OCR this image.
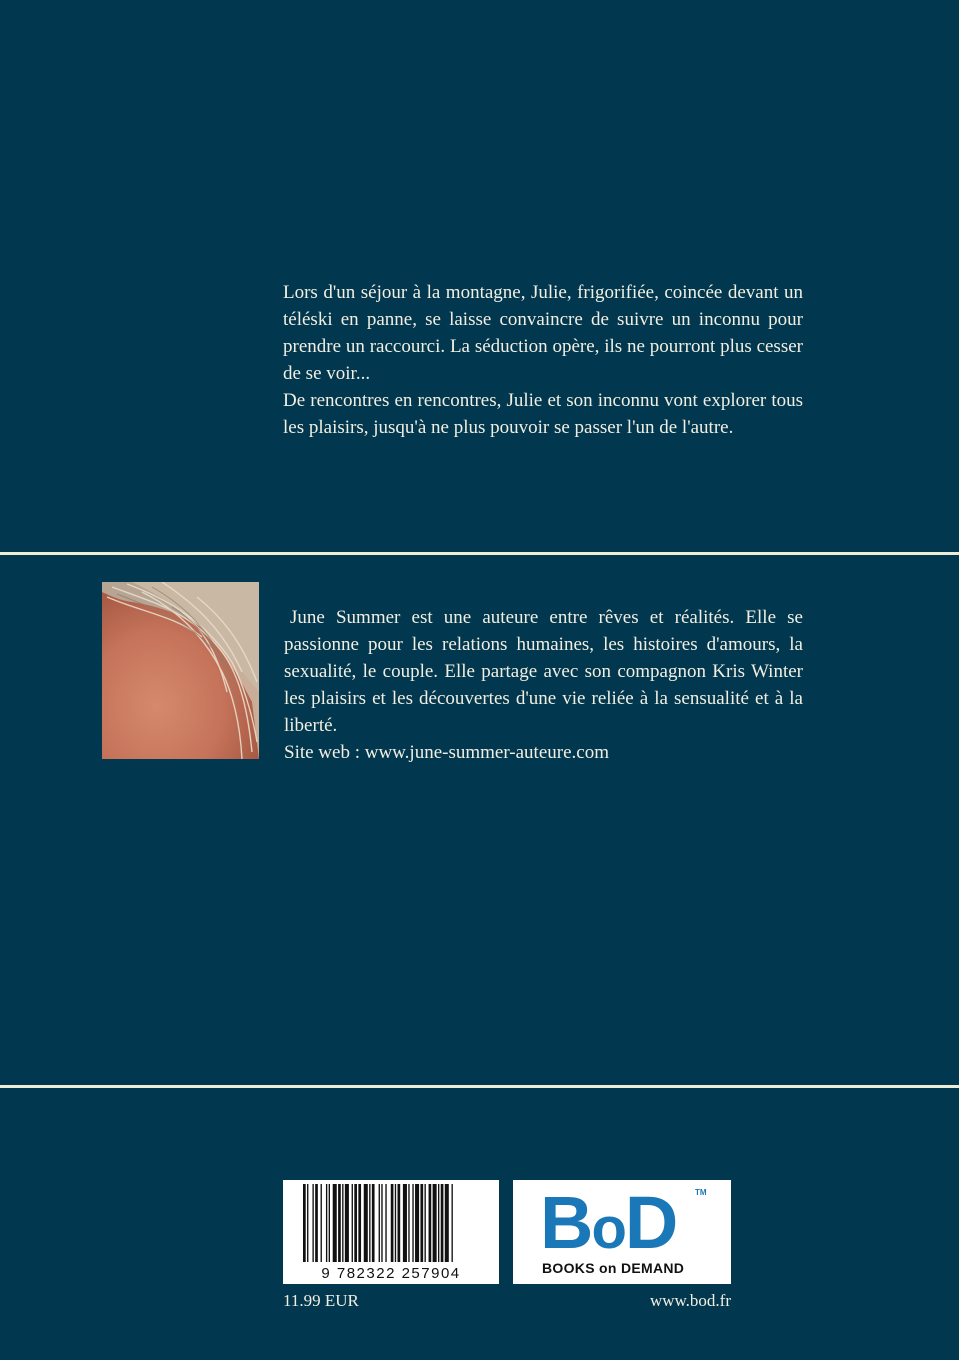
Lors d'un séjour à la montagne, Julie, frigorifiée, coincée devant un téléski en panne, se laisse convaincre de suivre un inconnu pour prendre un raccourci. La séduction opère, ils ne pourront plus cesser de se voir...

De rencontres en rencontres, Julie et son inconnu vont explorer tous les plaisirs, jusqu'à ne plus pouvoir se passer l'un de l'autre.

June Summer est une auteure entre rêves et réalités. Elle se passionne pour les relations humaines, les histoires d'amours, la sexualité, le couple. Elle partage avec son compagnon Kris Winter les plaisirs et les découvertes d'une vie reliée à la sensualité et à la liberté.

Site web : www.june-summer-auteure.com

9 782322 257904
BoD TM
BOOKS on DEMAND
11.99 EUR	www.bod.fr
